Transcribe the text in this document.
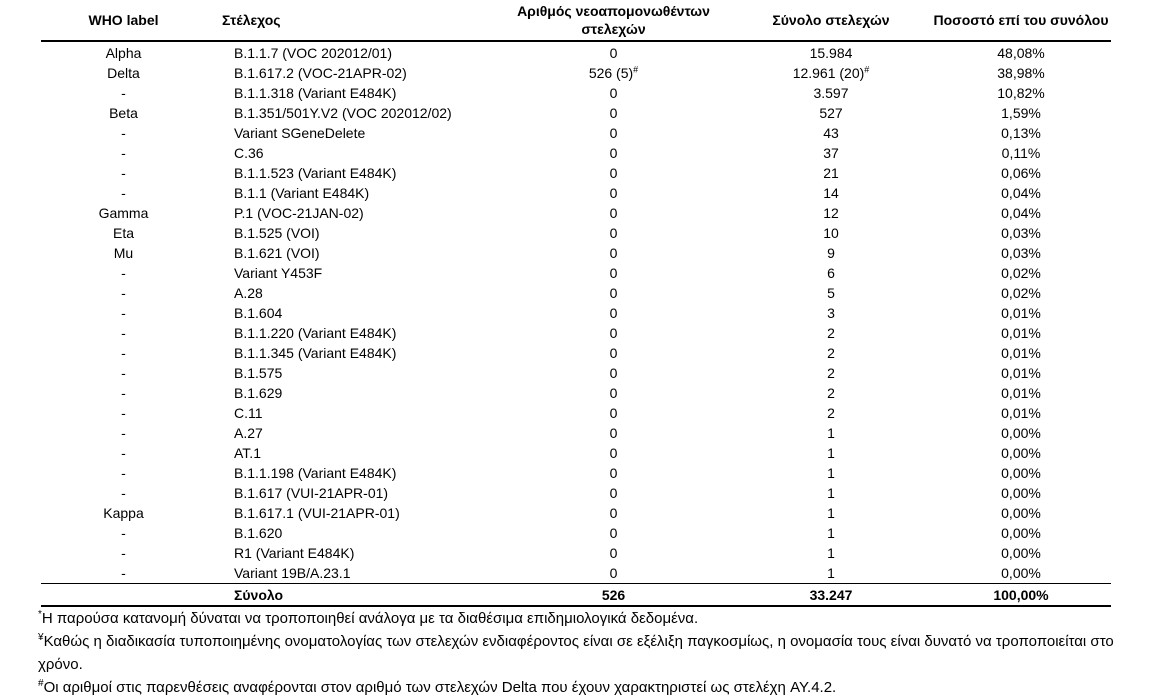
WHO label	Στέλεχος	Αριθμός νεοαπομονωθέντων στελεχών	Σύνολο στελεχών	Ποσοστό επί του συνόλου
Alpha	B.1.1.7 (VOC 202012/01)	0	15.984	48,08%
Delta	B.1.617.2 (VOC-21APR-02)	526 (5)#	12.961 (20)#	38,98%
-	B.1.1.318 (Variant E484K)	0	3.597	10,82%
Beta	B.1.351/501Y.V2 (VOC 202012/02)	0	527	1,59%
-	Variant SGeneDelete	0	43	0,13%
-	C.36	0	37	0,11%
-	B.1.1.523 (Variant E484K)	0	21	0,06%
-	B.1.1 (Variant E484K)	0	14	0,04%
Gamma	P.1 (VOC-21JAN-02)	0	12	0,04%
Eta	B.1.525 (VOI)	0	10	0,03%
Mu	B.1.621 (VOI)	0	9	0,03%
-	Variant Y453F	0	6	0,02%
-	A.28	0	5	0,02%
-	B.1.604	0	3	0,01%
-	B.1.1.220 (Variant E484K)	0	2	0,01%
-	B.1.1.345 (Variant E484K)	0	2	0,01%
-	B.1.575	0	2	0,01%
-	B.1.629	0	2	0,01%
-	C.11	0	2	0,01%
-	A.27	0	1	0,00%
-	AT.1	0	1	0,00%
-	B.1.1.198 (Variant E484K)	0	1	0,00%
-	B.1.617 (VUI-21APR-01)	0	1	0,00%
Kappa	B.1.617.1 (VUI-21APR-01)	0	1	0,00%
-	B.1.620	0	1	0,00%
-	R1 (Variant E484K)	0	1	0,00%
-	Variant 19B/A.23.1	0	1	0,00%
	Σύνολο	526	33.247	100,00%

*Η παρούσα κατανομή δύναται να τροποποιηθεί ανάλογα με τα διαθέσιμα επιδημιολογικά δεδομένα.

¥Καθώς η διαδικασία τυποποιημένης ονοματολογίας των στελεχών ενδιαφέροντος είναι σε εξέλιξη παγκοσμίως, η ονομασία τους είναι δυνατό να τροποποιείται στο χρόνο.

#Οι αριθμοί στις παρενθέσεις αναφέρονται στον αριθμό των στελεχών Delta που έχουν χαρακτηριστεί ως στελέχη AY.4.2.
